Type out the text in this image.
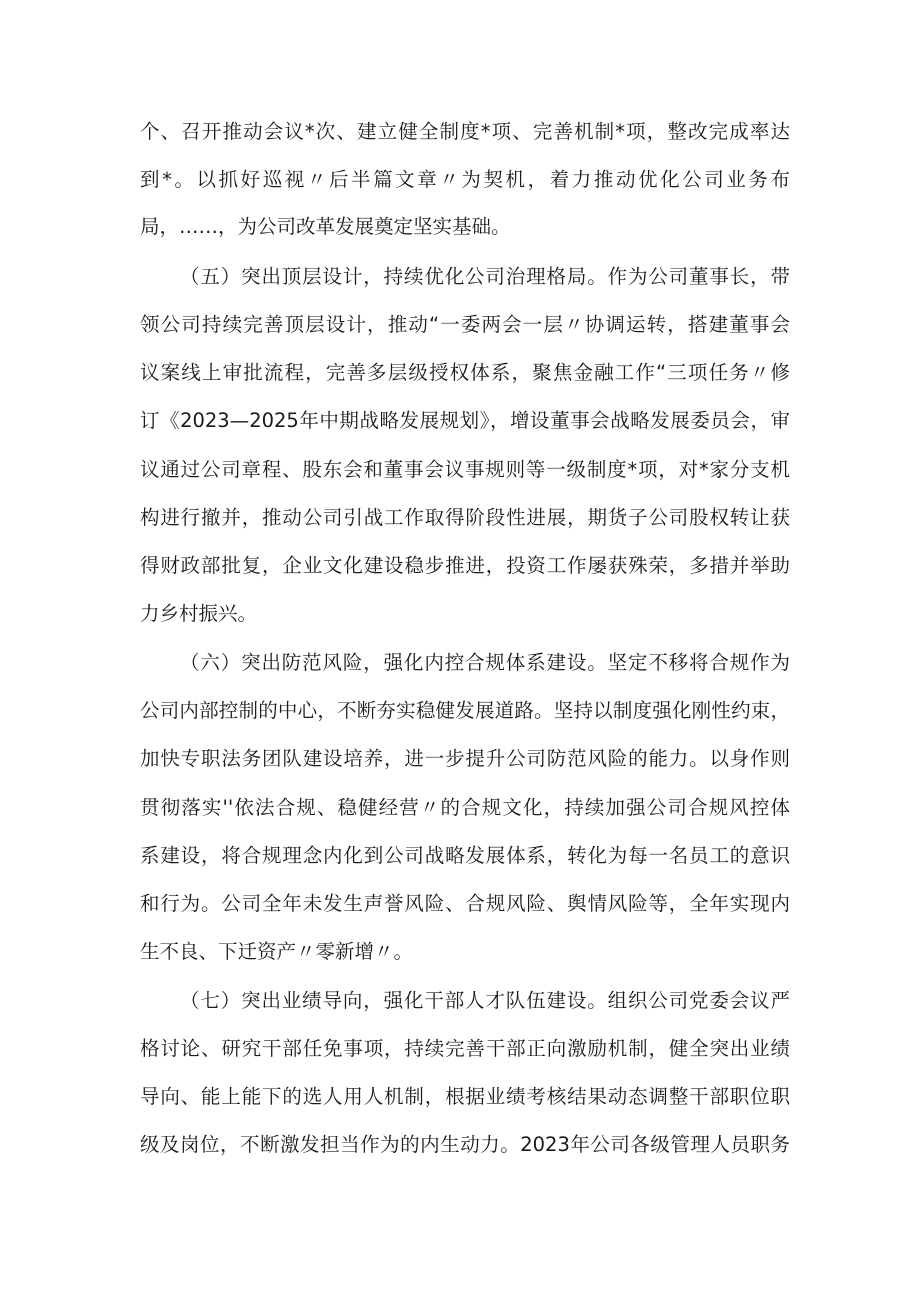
个、召开推动会议*次、建立健全制度*项、完善机制*项，整改完成率达
到*。以抓好巡视〃后半篇文章〃为契机，着力推动优化公司业务布
局，……，为公司改革发展奠定坚实基础。
（五）突出顶层设计，持续优化公司治理格局。作为公司董事长，带
领公司持续完善顶层设计，推动“一委两会一层〃协调运转，搭建董事会
议案线上审批流程，完善多层级授权体系，聚焦金融工作“三项任务〃修
订《2023—2025年中期战略发展规划》，增设董事会战略发展委员会，审
议通过公司章程、股东会和董事会议事规则等一级制度*项，对*家分支机
构进行撤并，推动公司引战工作取得阶段性进展，期货子公司股权转让获
得财政部批复，企业文化建设稳步推进，投资工作屡获殊荣，多措并举助
力乡村振兴。
（六）突出防范风险，强化内控合规体系建设。坚定不移将合规作为
公司内部控制的中心，不断夯实稳健发展道路。坚持以制度强化刚性约束，
加快专职法务团队建设培养，进一步提升公司防范风险的能力。以身作则
贯彻落实''依法合规、稳健经营〃的合规文化，持续加强公司合规风控体
系建设，将合规理念内化到公司战略发展体系，转化为每一名员工的意识
和行为。公司全年未发生声誉风险、合规风险、舆情风险等，全年实现内
生不良、下迁资产〃零新增〃。
（七）突出业绩导向，强化干部人才队伍建设。组织公司党委会议严
格讨论、研究干部任免事项，持续完善干部正向激励机制，健全突出业绩
导向、能上能下的选人用人机制，根据业绩考核结果动态调整干部职位职
级及岗位，不断激发担当作为的内生动力。2023年公司各级管理人员职务
